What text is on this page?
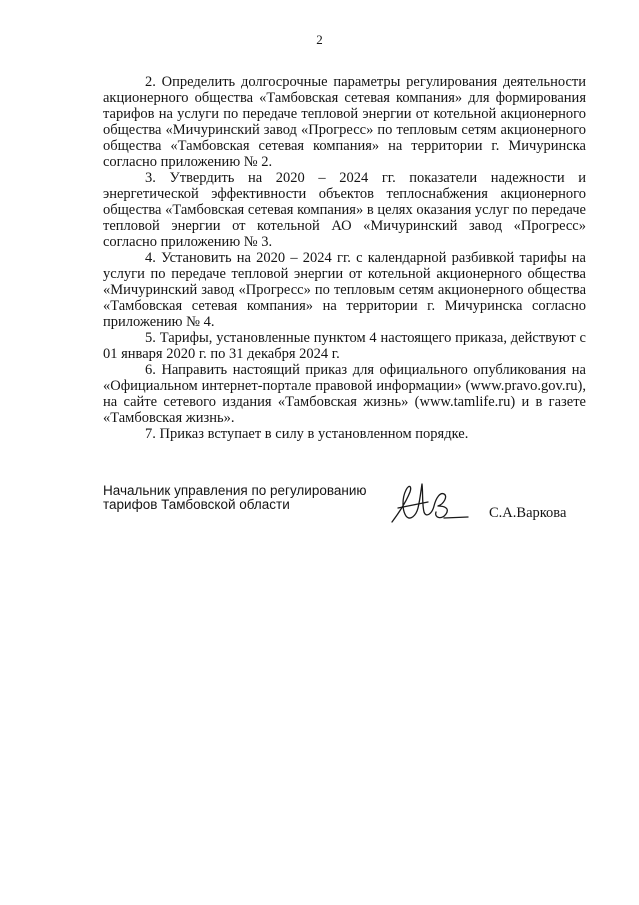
2

2. Определить долгосрочные параметры регулирования деятельности акционерного общества «Тамбовская сетевая компания» для формирования тарифов на услуги по передаче тепловой энергии от котельной акционерного общества «Мичуринский завод «Прогресс» по тепловым сетям акционерного общества «Тамбовская сетевая компания» на территории г. Мичуринска согласно приложению № 2.

3. Утвердить на 2020 – 2024 гг. показатели надежности и энергетической эффективности объектов теплоснабжения акционерного общества «Тамбовская сетевая компания» в целях оказания услуг по передаче тепловой энергии от котельной АО «Мичуринский завод «Прогресс» согласно приложению № 3.

4. Установить на 2020 – 2024 гг. с календарной разбивкой тарифы на услуги по передаче тепловой энергии от котельной акционерного общества «Мичуринский завод «Прогресс» по тепловым сетям акционерного общества «Тамбовская сетевая компания» на территории г. Мичуринска согласно приложению № 4.

5. Тарифы, установленные пунктом 4 настоящего приказа, действуют с 01 января 2020 г. по 31 декабря 2024 г.

6. Направить настоящий приказ для официального опубликования на «Официальном интернет-портале правовой информации» (www.pravo.gov.ru), на сайте сетевого издания «Тамбовская жизнь» (www.tamlife.ru) и в газете «Тамбовская жизнь».

7. Приказ вступает в силу в установленном порядке.

Начальник управления по регулированию
тарифов Тамбовской области
С.А.Варкова
